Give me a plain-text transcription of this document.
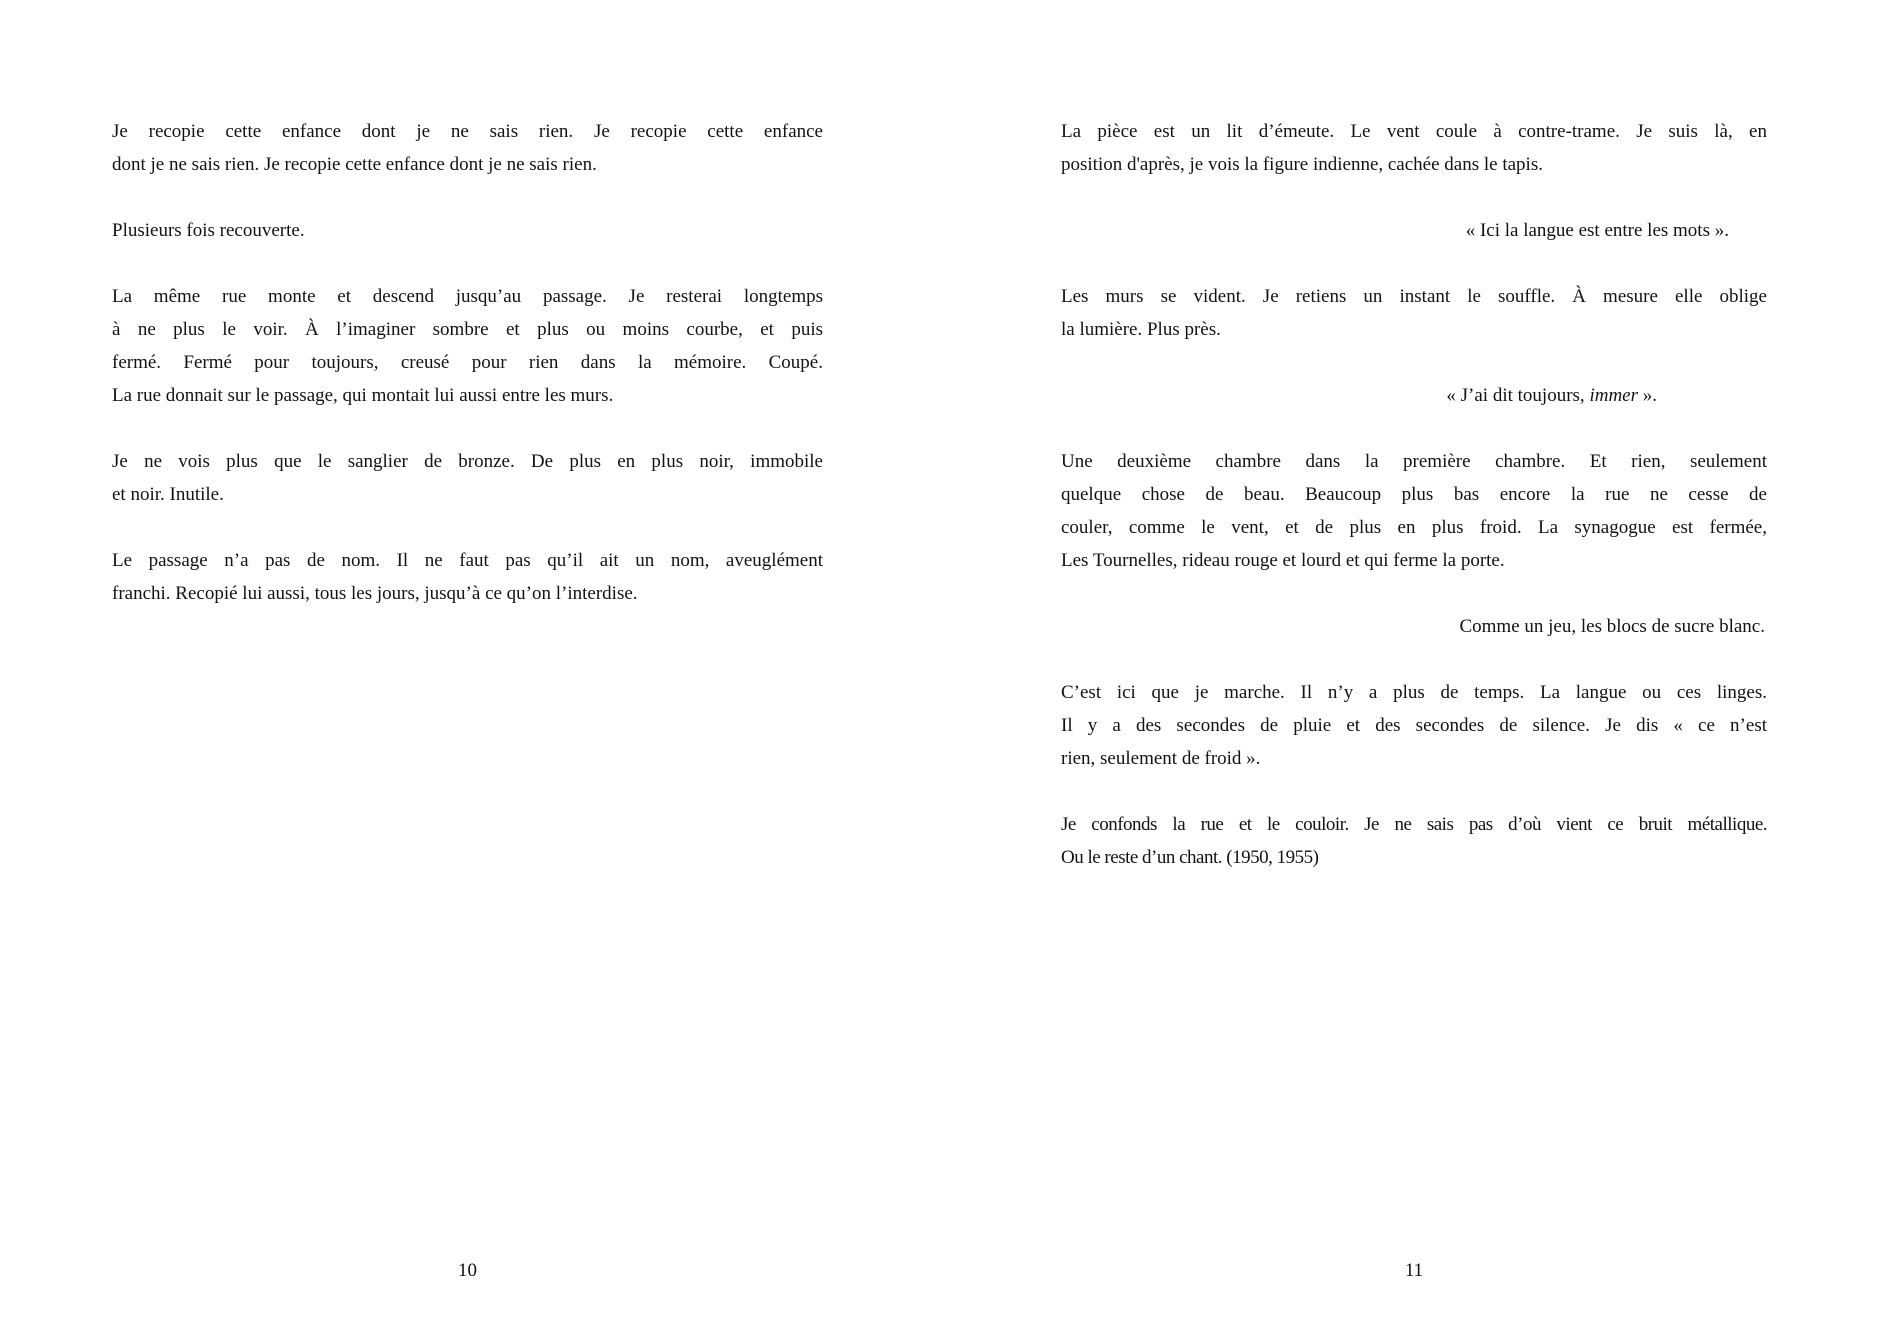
Je recopie cette enfance dont je ne sais rien. Je recopie cette enfance
dont je ne sais rien. Je recopie cette enfance dont je ne sais rien.
Plusieurs fois recouverte.
La même rue monte et descend jusqu’au passage. Je resterai longtemps
à ne plus le voir. À l’imaginer sombre et plus ou moins courbe, et puis
fermé. Fermé pour toujours, creusé pour rien dans la mémoire. Coupé.
La rue donnait sur le passage, qui montait lui aussi entre les murs.
Je ne vois plus que le sanglier de bronze. De plus en plus noir, immobile
et noir. Inutile.
Le passage n’a pas de nom. Il ne faut pas qu’il ait un nom, aveuglément
franchi. Recopié lui aussi, tous les jours, jusqu’à ce qu’on l’interdise.
La pièce est un lit d’émeute. Le vent coule à contre-trame. Je suis là, en
position d'après, je vois la figure indienne, cachée dans le tapis.
« Ici la langue est entre les mots ».
Les murs se vident. Je retiens un instant le souffle. À mesure elle oblige
la lumière. Plus près.
« J’ai dit toujours, immer ».
Une deuxième chambre dans la première chambre. Et rien, seulement
quelque chose de beau. Beaucoup plus bas encore la rue ne cesse de
couler, comme le vent, et de plus en plus froid. La synagogue est fermée,
Les Tournelles, rideau rouge et lourd et qui ferme la porte.
Comme un jeu, les blocs de sucre blanc.
C’est ici que je marche. Il n’y a plus de temps. La langue ou ces linges.
Il y a des secondes de pluie et des secondes de silence. Je dis « ce n’est
rien, seulement de froid ».
Je confonds la rue et le couloir. Je ne sais pas d’où vient ce bruit métallique.
Ou le reste d’un chant. (1950, 1955)
10	11
